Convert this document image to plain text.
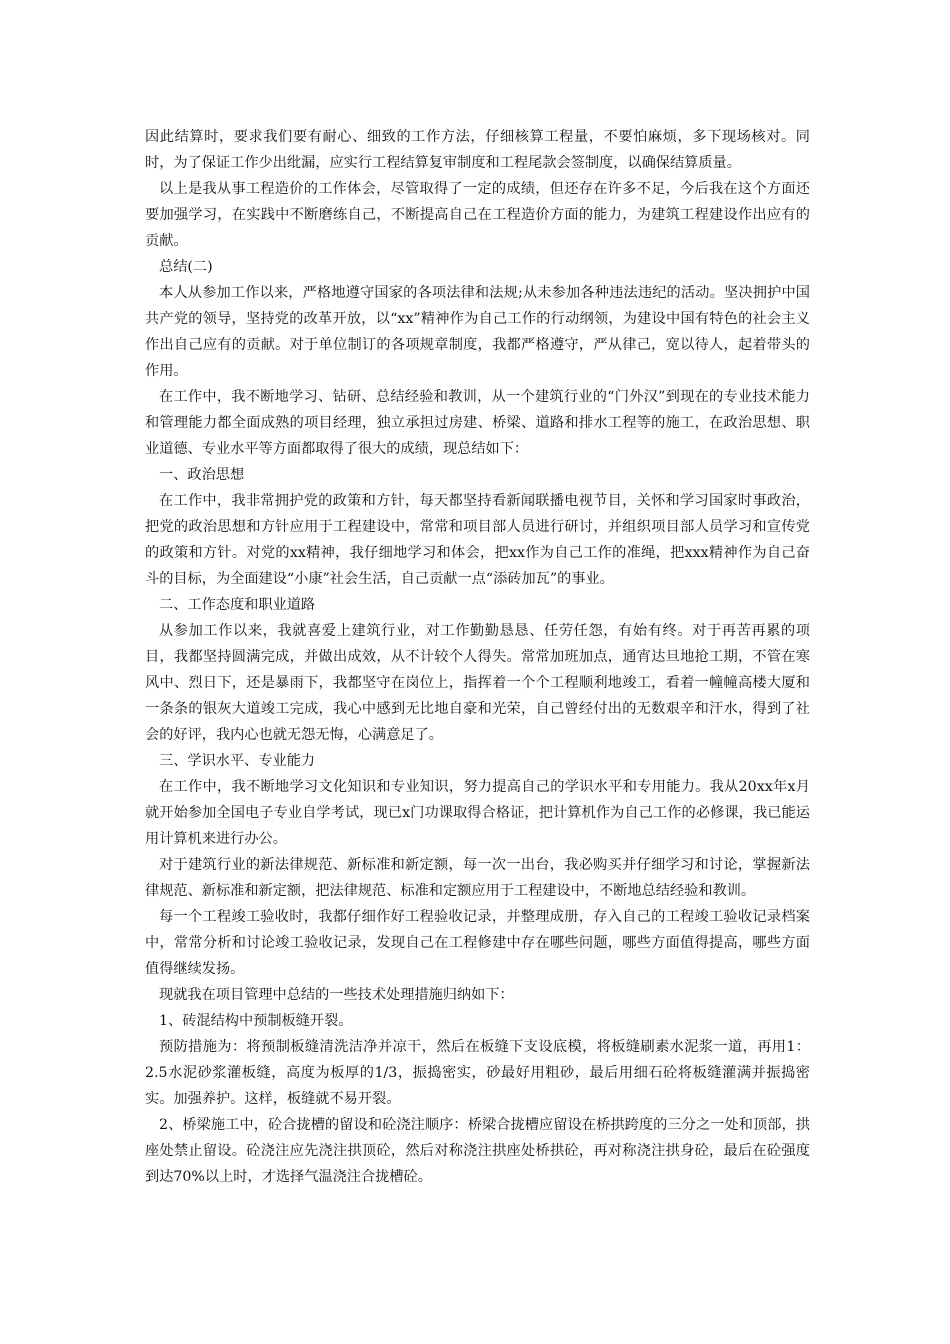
因此结算时，要求我们要有耐心、细致的工作方法，仔细核算工程量，不要怕麻烦，多下现场核对。同时，为了保证工作少出纰漏，应实行工程结算复审制度和工程尾款会签制度，以确保结算质量。

以上是我从事工程造价的工作体会，尽管取得了一定的成绩，但还存在许多不足，今后我在这个方面还要加强学习，在实践中不断磨练自己，不断提高自己在工程造价方面的能力，为建筑工程建设作出应有的贡献。

总结(二)

本人从参加工作以来，严格地遵守国家的各项法律和法规;从未参加各种违法违纪的活动。坚决拥护中国共产党的领导，坚持党的改革开放，以“xx”精神作为自己工作的行动纲领，为建设中国有特色的社会主义作出自己应有的贡献。对于单位制订的各项规章制度，我都严格遵守，严从律己，宽以待人，起着带头的作用。

在工作中，我不断地学习、钻研、总结经验和教训，从一个建筑行业的“门外汉”到现在的专业技术能力和管理能力都全面成熟的项目经理，独立承担过房建、桥梁、道路和排水工程等的施工，在政治思想、职业道德、专业水平等方面都取得了很大的成绩，现总结如下：

一、政治思想

在工作中，我非常拥护党的政策和方针，每天都坚持看新闻联播电视节目，关怀和学习国家时事政治，把党的政治思想和方针应用于工程建设中，常常和项目部人员进行研讨，并组织项目部人员学习和宣传党的政策和方针。对党的xx精神，我仔细地学习和体会，把xx作为自己工作的准绳，把xxx精神作为自己奋斗的目标，为全面建设“小康”社会生活，自己贡献一点“添砖加瓦”的事业。

二、工作态度和职业道路

从参加工作以来，我就喜爱上建筑行业，对工作勤勤恳恳、任劳任怨，有始有终。对于再苦再累的项目，我都坚持圆满完成，并做出成效，从不计较个人得失。常常加班加点，通宵达旦地抢工期，不管在寒风中、烈日下，还是暴雨下，我都坚守在岗位上，指挥着一个个工程顺利地竣工，看着一幢幢高楼大厦和一条条的银灰大道竣工完成，我心中感到无比地自豪和光荣，自己曾经付出的无数艰辛和汗水，得到了社会的好评，我内心也就无怨无悔，心满意足了。

三、学识水平、专业能力

在工作中，我不断地学习文化知识和专业知识，努力提高自己的学识水平和专用能力。我从20xx年x月就开始参加全国电子专业自学考试，现已x门功课取得合格证，把计算机作为自己工作的必修课，我已能运用计算机来进行办公。

对于建筑行业的新法律规范、新标准和新定额，每一次一出台，我必购买并仔细学习和讨论，掌握新法律规范、新标准和新定额，把法律规范、标准和定额应用于工程建设中，不断地总结经验和教训。

每一个工程竣工验收时，我都仔细作好工程验收记录，并整理成册，存入自己的工程竣工验收记录档案中，常常分析和讨论竣工验收记录，发现自己在工程修建中存在哪些问题，哪些方面值得提高，哪些方面值得继续发扬。

现就我在项目管理中总结的一些技术处理措施归纳如下：

1、砖混结构中预制板缝开裂。

预防措施为：将预制板缝清洗洁净并凉干，然后在板缝下支设底模，将板缝刷素水泥浆一道，再用1：2.5水泥砂浆灌板缝，高度为板厚的1/3，振捣密实，砂最好用粗砂，最后用细石砼将板缝灌满并振捣密实。加强养护。这样，板缝就不易开裂。

2、桥梁施工中，砼合拢槽的留设和砼浇注顺序：桥梁合拢槽应留设在桥拱跨度的三分之一处和顶部，拱座处禁止留设。砼浇注应先浇注拱顶砼，然后对称浇注拱座处桥拱砼，再对称浇注拱身砼，最后在砼强度到达70%以上时，才选择气温浇注合拢槽砼。
